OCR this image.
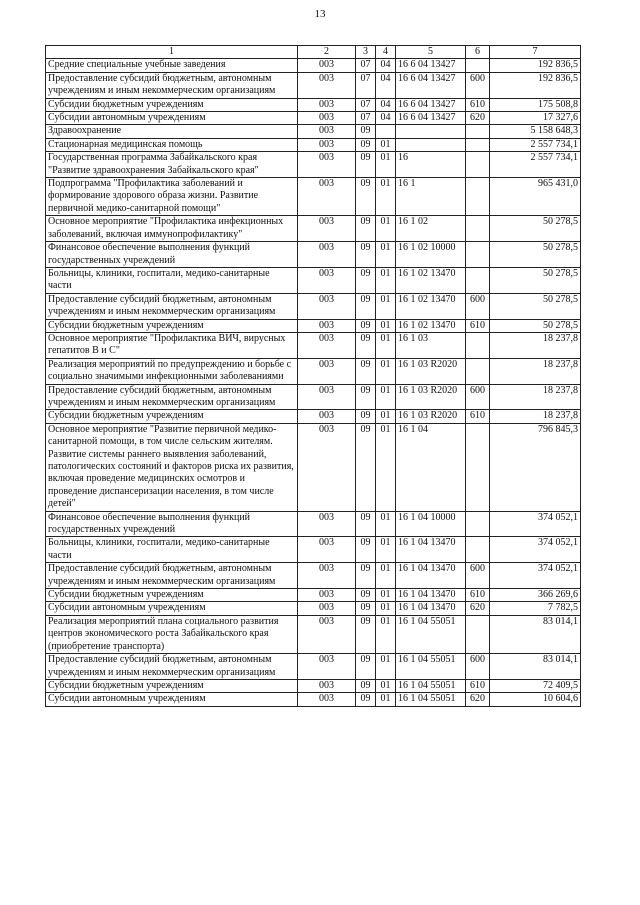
13
1	2	3	4	5	6	7
Средние специальные учебные заведения	003	07	04	16 6 04 13427		192 836,5
Предоставление субсидий бюджетным, автономным учреждениям и иным некоммерческим организациям	003	07	04	16 6 04 13427	600	192 836,5
Субсидии бюджетным учреждениям	003	07	04	16 6 04 13427	610	175 508,8
Субсидии автономным учреждениям	003	07	04	16 6 04 13427	620	17 327,6
Здравоохранение	003	09				5 158 648,3
Стационарная медицинская помощь	003	09	01			2 557 734,1
Государственная программа Забайкальского края "Развитие здравоохранения Забайкальского края"	003	09	01	16		2 557 734,1
Подпрограмма "Профилактика заболеваний и формирование здорового образа жизни. Развитие первичной медико-санитарной помощи"	003	09	01	16 1		965 431,0
Основное мероприятие "Профилактика инфекционных заболеваний, включая иммунопрофилактику"	003	09	01	16 1 02		50 278,5
Финансовое обеспечение выполнения функций государственных учреждений	003	09	01	16 1 02 10000		50 278,5
Больницы, клиники, госпитали, медико-санитарные части	003	09	01	16 1 02 13470		50 278,5
Предоставление субсидий бюджетным, автономным учреждениям и иным некоммерческим организациям	003	09	01	16 1 02 13470	600	50 278,5
Субсидии бюджетным учреждениям	003	09	01	16 1 02 13470	610	50 278,5
Основное мероприятие "Профилактика ВИЧ, вирусных гепатитов В и С"	003	09	01	16 1 03		18 237,8
Реализация мероприятий по предупреждению и борьбе с социально значимыми инфекционными заболеваниями	003	09	01	16 1 03 R2020		18 237,8
Предоставление субсидий бюджетным, автономным учреждениям и иным некоммерческим организациям	003	09	01	16 1 03 R2020	600	18 237,8
Субсидии бюджетным учреждениям	003	09	01	16 1 03 R2020	610	18 237,8
Основное мероприятие "Развитие первичной медико-санитарной помощи, в том числе сельским жителям. Развитие системы раннего выявления заболеваний, патологических состояний и факторов риска их развития, включая проведение медицинских осмотров и проведение диспансеризации населения, в том числе детей"	003	09	01	16 1 04		796 845,3
Финансовое обеспечение выполнения функций государственных учреждений	003	09	01	16 1 04 10000		374 052,1
Больницы, клиники, госпитали, медико-санитарные части	003	09	01	16 1 04 13470		374 052,1
Предоставление субсидий бюджетным, автономным учреждениям и иным некоммерческим организациям	003	09	01	16 1 04 13470	600	374 052,1
Субсидии бюджетным учреждениям	003	09	01	16 1 04 13470	610	366 269,6
Субсидии автономным учреждениям	003	09	01	16 1 04 13470	620	7 782,5
Реализация мероприятий плана социального развития центров экономического роста Забайкальского края (приобретение транспорта)	003	09	01	16 1 04 55051		83 014,1
Предоставление субсидий бюджетным, автономным учреждениям и иным некоммерческим организациям	003	09	01	16 1 04 55051	600	83 014,1
Субсидии бюджетным учреждениям	003	09	01	16 1 04 55051	610	72 409,5
Субсидии автономным учреждениям	003	09	01	16 1 04 55051	620	10 604,6
